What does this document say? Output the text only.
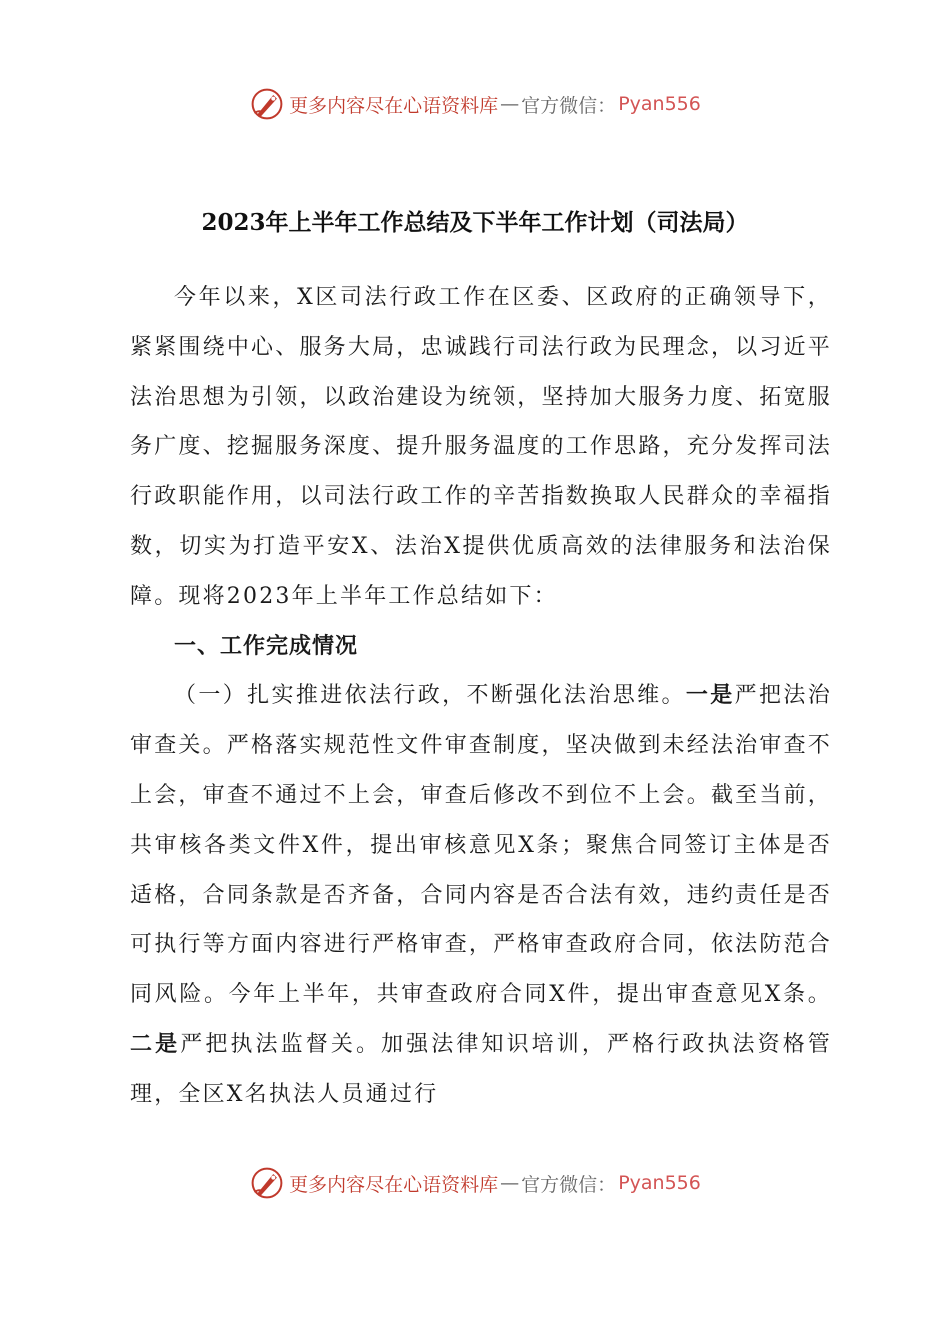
更多内容尽在心语资料库 — 官方微信： Pyan556
2023年上半年工作总结及下半年工作计划（司法局）

今年以来，X区司法行政工作在区委、区政府的正确领导下，紧紧围绕中心、服务大局，忠诚践行司法行政为民理念，以习近平法治思想为引领，以政治建设为统领，坚持加大服务力度、拓宽服务广度、挖掘服务深度、提升服务温度的工作思路，充分发挥司法行政职能作用，以司法行政工作的辛苦指数换取人民群众的幸福指数，切实为打造平安X、法治X提供优质高效的法律服务和法治保障。现将2023年上半年工作总结如下：

一、工作完成情况

（一）扎实推进依法行政，不断强化法治思维。一是严把法治审查关。严格落实规范性文件审查制度，坚决做到未经法治审查不上会，审查不通过不上会，审查后修改不到位不上会。截至当前，共审核各类文件X件，提出审核意见X条；聚焦合同签订主体是否适格，合同条款是否齐备，合同内容是否合法有效，违约责任是否可执行等方面内容进行严格审查，严格审查政府合同，依法防范合同风险。今年上半年，共审查政府合同X件，提出审查意见X条。二是严把执法监督关。加强法律知识培训，严格行政执法资格管理，全区X名执法人员通过行

更多内容尽在心语资料库 — 官方微信： Pyan556
